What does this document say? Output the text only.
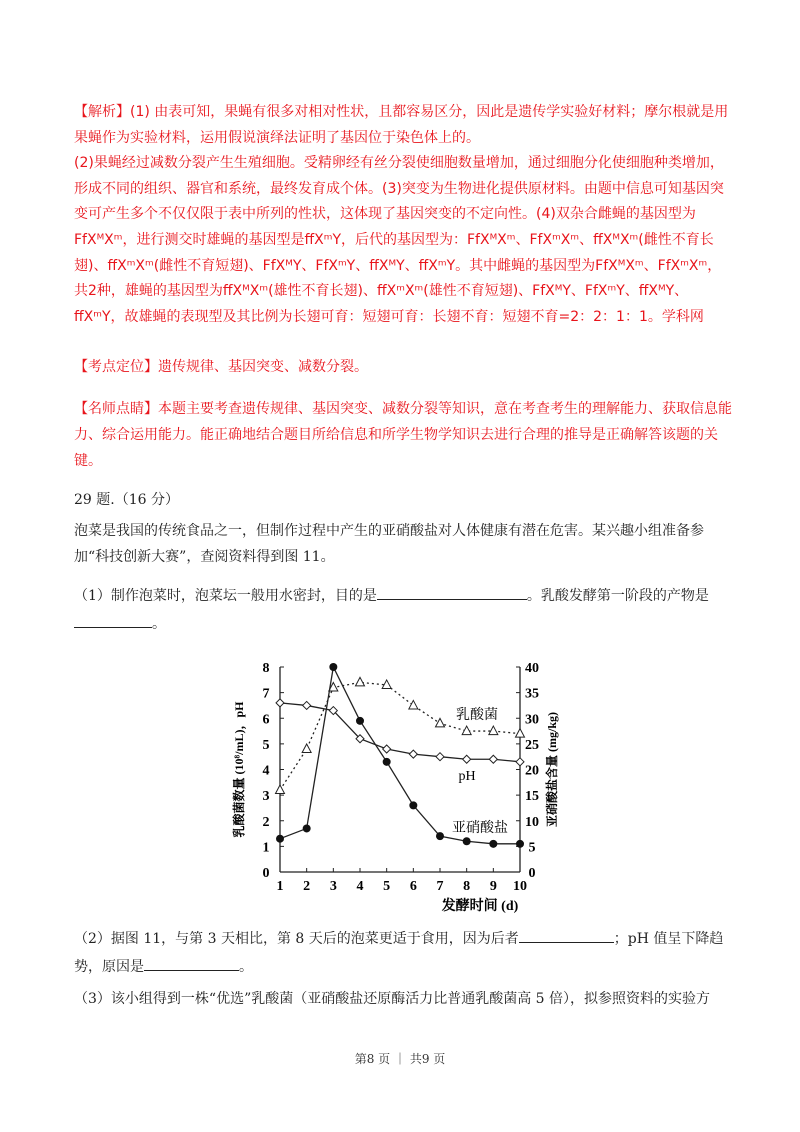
【解析】(1) 由表可知，果蝇有很多对相对性状，且都容易区分，因此是遗传学实验好材料；摩尔根就是用果蝇作为实验材料，运用假说演绎法证明了基因位于染色体上的。

(2)果蝇经过减数分裂产生生殖细胞。受精卵经有丝分裂使细胞数量增加，通过细胞分化使细胞种类增加，形成不同的组织、器官和系统，最终发育成个体。(3)突变为生物进化提供原材料。由题中信息可知基因突变可产生多个不仅仅限于表中所列的性状，这体现了基因突变的不定向性。(4)双杂合雌蝇的基因型为FfXᴹXᵐ，进行测交时雄蝇的基因型是ffXᵐY，后代的基因型为：FfXᴹXᵐ、FfXᵐXᵐ、ffXᴹXᵐ(雌性不育长翅)、ffXᵐXᵐ(雌性不育短翅)、FfXᴹY、FfXᵐY、ffXᴹY、ffXᵐY。其中雌蝇的基因型为FfXᴹXᵐ、FfXᵐXᵐ，共2种，雄蝇的基因型为ffXᴹXᵐ(雄性不育长翅)、ffXᵐXᵐ(雄性不育短翅)、FfXᴹY、FfXᵐY、ffXᴹY、ffXᵐY，故雄蝇的表现型及其比例为长翅可育：短翅可育：长翅不育：短翅不育=2：2：1：1。学科网

【考点定位】遗传规律、基因突变、减数分裂。
【名师点睛】本题主要考查遗传规律、基因突变、减数分裂等知识，意在考查考生的理解能力、获取信息能力、综合运用能力。能正确地结合题目所给信息和所学生物学知识去进行合理的推导是正确解答该题的关键。
29 题.（16 分）
泡菜是我国的传统食品之一，但制作过程中产生的亚硝酸盐对人体健康有潜在危害。某兴趣小组准备参加“科技创新大赛”，查阅资料得到图 11。
（1）制作泡菜时，泡菜坛一般用水密封，目的是	。乳酸发酵第一阶段的产物是
。
0
1
2
3
4
5
6
7
8
0
5
10
15
20
25
30
35
40
1 2 3 4 5 6 7 8 9 10
乳酸菌数量 (10⁸/mL)，pH	亚硝酸盐含量 (mg/kg)
发酵时间 (d)
乳酸菌
pH
亚硝酸盐
（2）据图 11，与第 3 天相比，第 8 天后的泡菜更适于食用，因为后者	；pH 值呈下降趋势，原因是	。
（3）该小组得到一株“优选”乳酸菌（亚硝酸盐还原酶活力比普通乳酸菌高 5 倍），拟参照资料的实验方
第8 页 ｜ 共9 页
